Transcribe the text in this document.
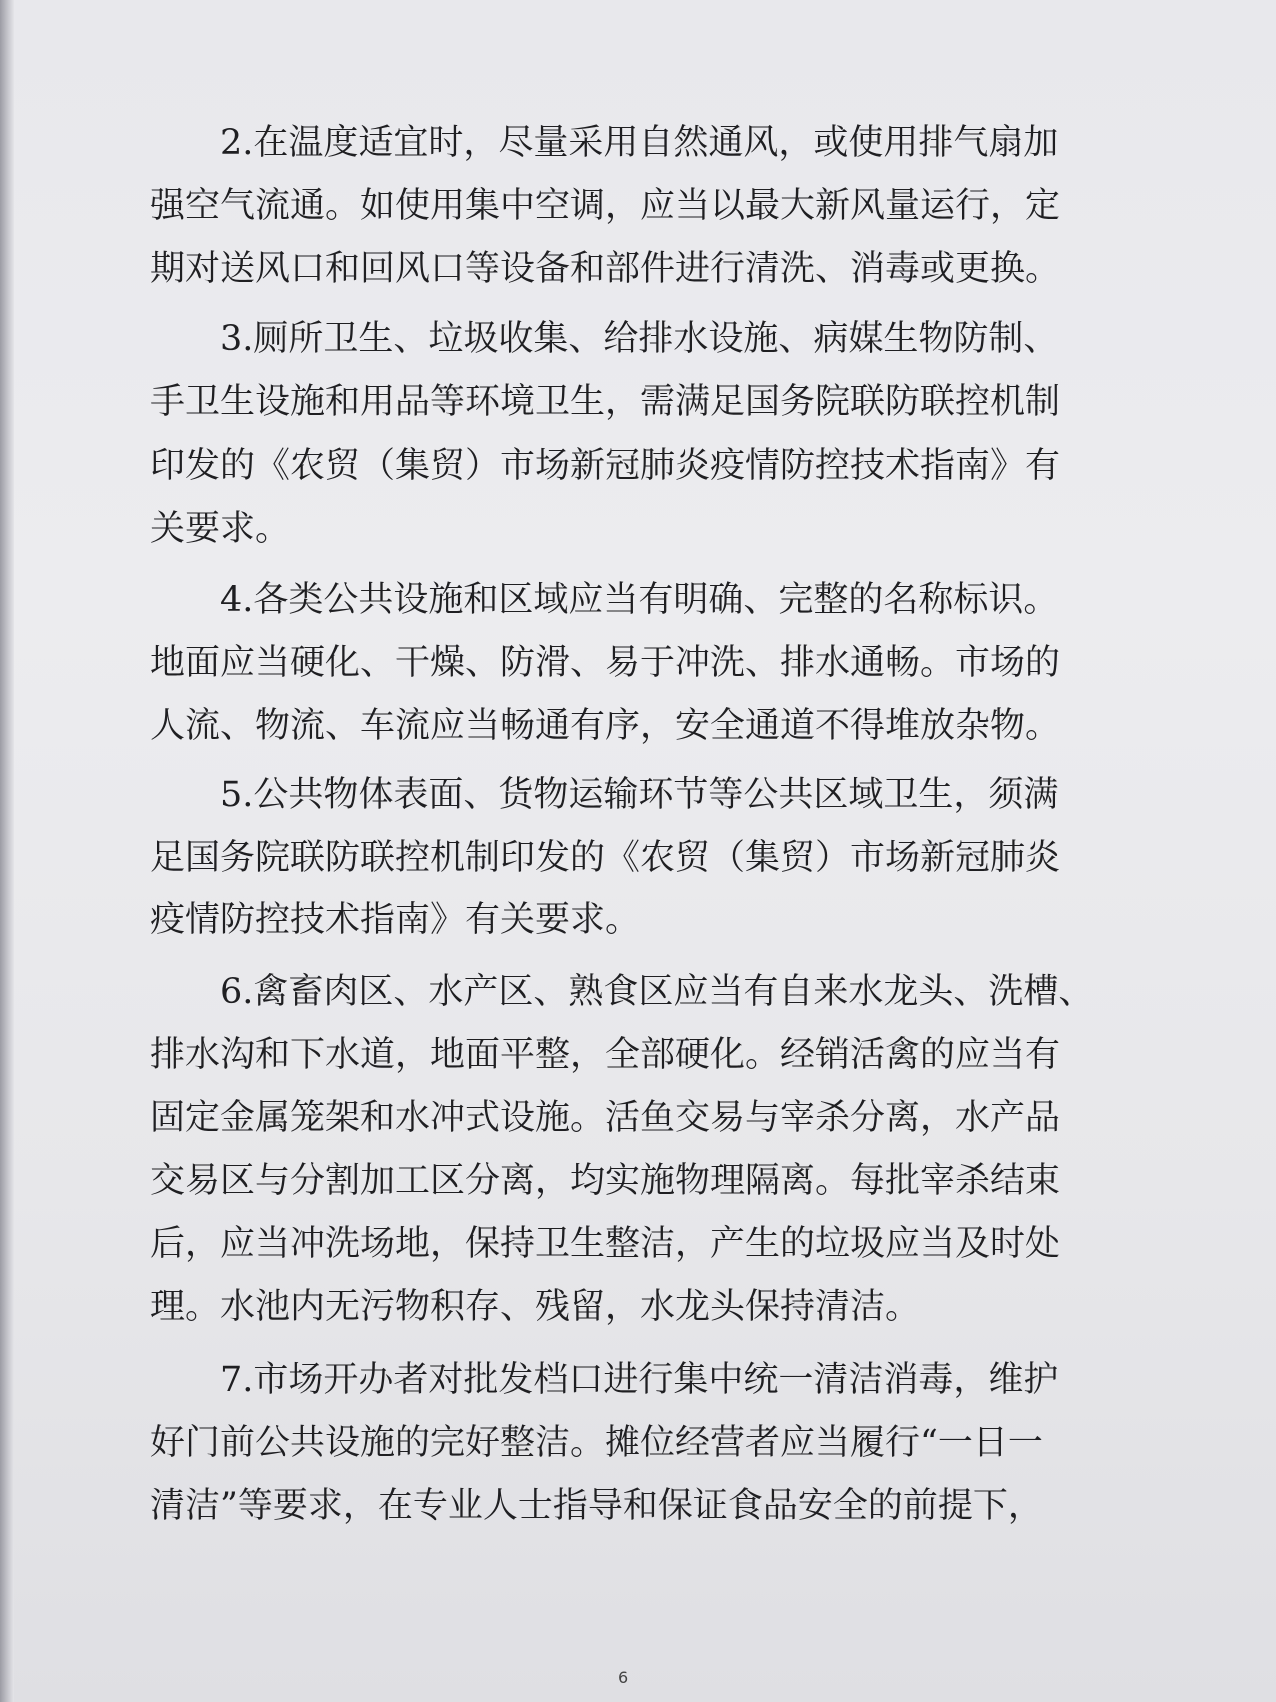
2.在温度适宜时，尽量采用自然通风，或使用排气扇加
强空气流通。如使用集中空调，应当以最大新风量运行，定
期对送风口和回风口等设备和部件进行清洗、消毒或更换。
3.厕所卫生、垃圾收集、给排水设施、病媒生物防制、
手卫生设施和用品等环境卫生，需满足国务院联防联控机制
印发的《农贸（集贸）市场新冠肺炎疫情防控技术指南》有
关要求。
4.各类公共设施和区域应当有明确、完整的名称标识。
地面应当硬化、干燥、防滑、易于冲洗、排水通畅。市场的
人流、物流、车流应当畅通有序，安全通道不得堆放杂物。
5.公共物体表面、货物运输环节等公共区域卫生，须满
足国务院联防联控机制印发的《农贸（集贸）市场新冠肺炎
疫情防控技术指南》有关要求。
6.禽畜肉区、水产区、熟食区应当有自来水龙头、洗槽、
排水沟和下水道，地面平整，全部硬化。经销活禽的应当有
固定金属笼架和水冲式设施。活鱼交易与宰杀分离，水产品
交易区与分割加工区分离，均实施物理隔离。每批宰杀结束
后，应当冲洗场地，保持卫生整洁，产生的垃圾应当及时处
理。水池内无污物积存、残留，水龙头保持清洁。
7.市场开办者对批发档口进行集中统一清洁消毒，维护
好门前公共设施的完好整洁。摊位经营者应当履行“一日一
清洁”等要求，在专业人士指导和保证食品安全的前提下，
6
